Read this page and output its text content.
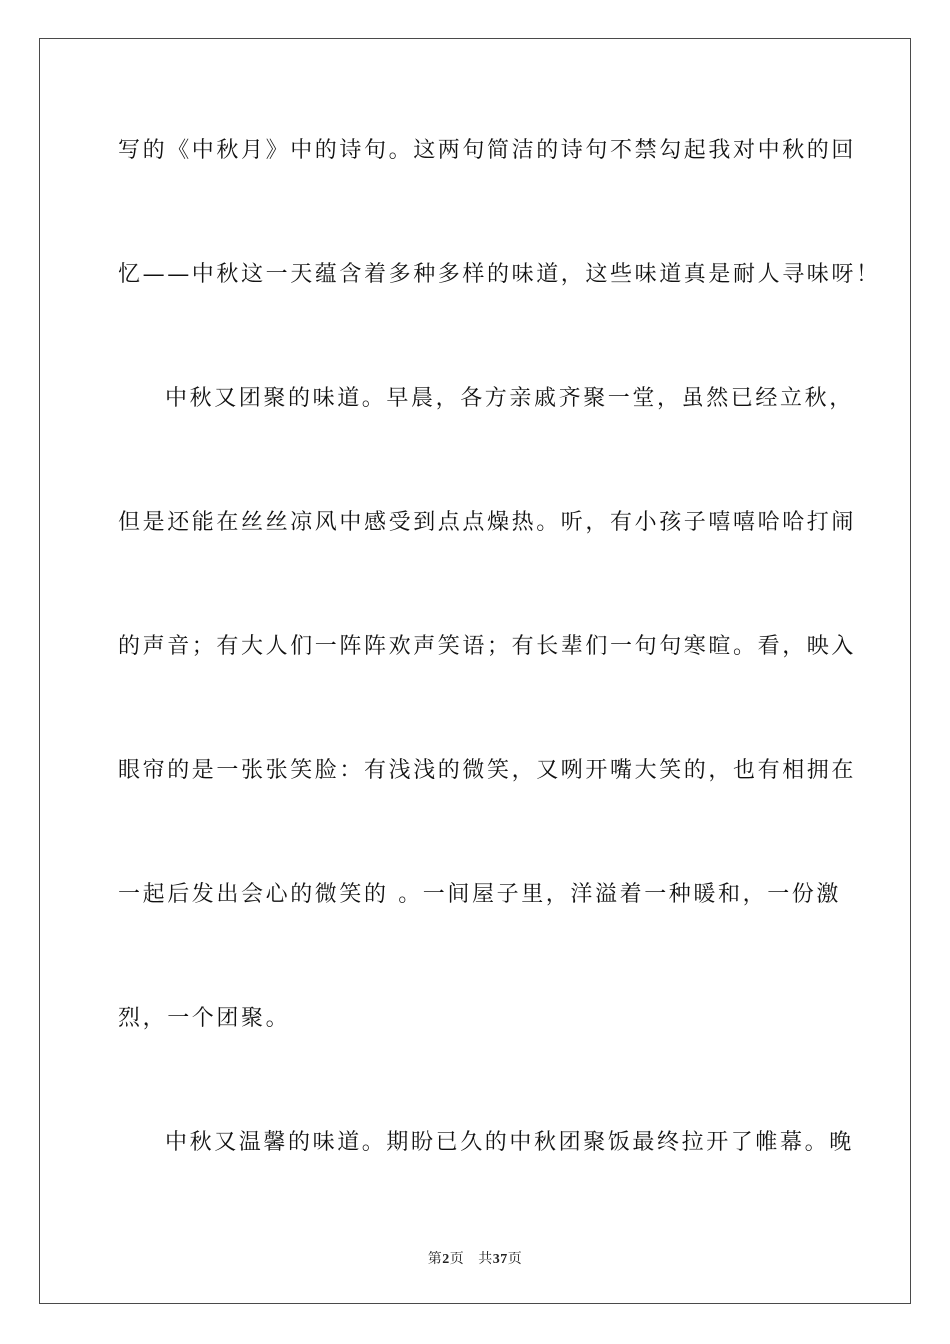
写的《中秋月》中的诗句。这两句简洁的诗句不禁勾起我对中秋的回
忆——中秋这一天蕴含着多种多样的味道，这些味道真是耐人寻味呀！
中秋又团聚的味道。早晨，各方亲戚齐聚一堂，虽然已经立秋，
但是还能在丝丝凉风中感受到点点燥热。听，有小孩子嘻嘻哈哈打闹
的声音；有大人们一阵阵欢声笑语；有长辈们一句句寒暄。看，映入
眼帘的是一张张笑脸：有浅浅的微笑，又咧开嘴大笑的，也有相拥在
一起后发出会心的微笑的 。一间屋子里，洋溢着一种暖和，一份激
烈，一个团聚。
中秋又温馨的味道。期盼已久的中秋团聚饭最终拉开了帷幕。晚
第2页 共37页
